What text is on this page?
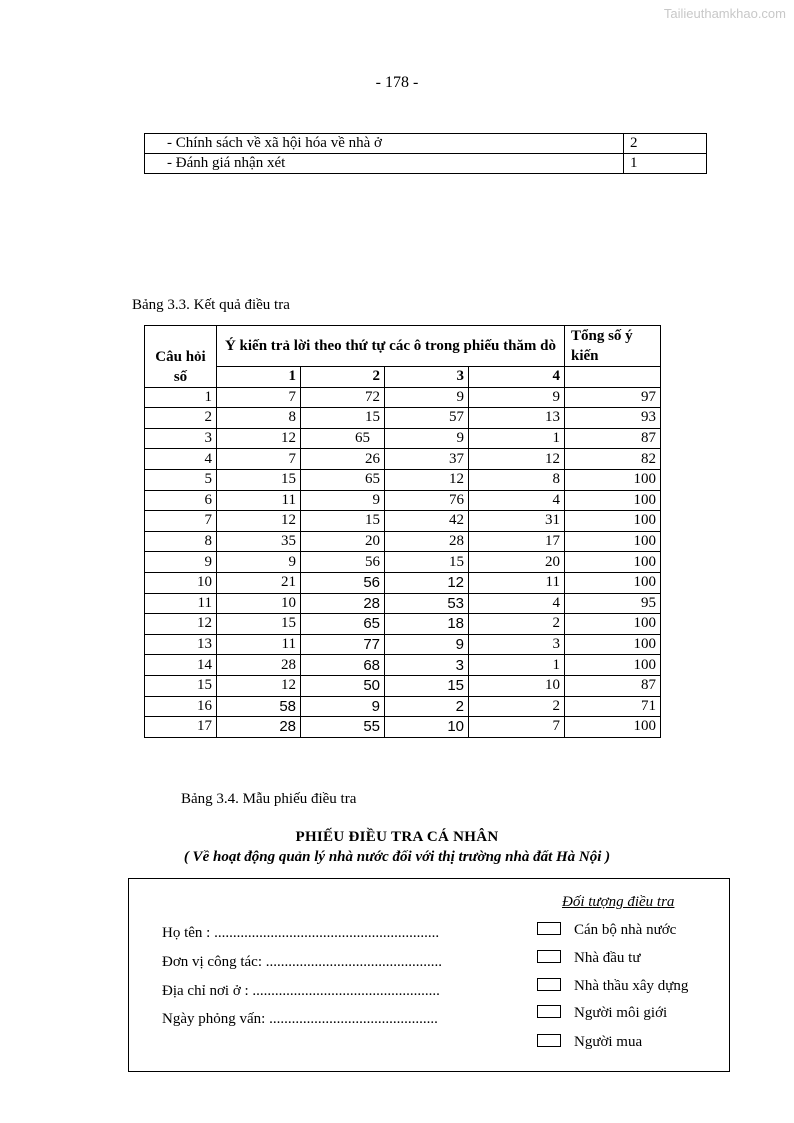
Tailieuthamkhao.com
- 178 -
- Chính sách về xã hội hóa về nhà ở	2
- Đánh giá nhận xét	1
Bảng 3.3. Kết quả điều tra
Câu hỏi số	Ý kiến trả lời theo thứ tự các ô trong phiếu thăm dò				Tổng số ý kiến
	1	2	3	4	
1	7	72	9	9	97
2	8	15	57	13	93
3	12	65	9	1	87
4	7	26	37	12	82
5	15	65	12	8	100
6	11	9	76	4	100
7	12	15	42	31	100
8	35	20	28	17	100
9	9	56	15	20	100
10	21	56	12	11	100
11	10	28	53	4	95
12	15	65	18	2	100
13	11	77	9	3	100
14	28	68	3	1	100
15	12	50	15	10	87
16	58	9	2	2	71
17	28	55	10	7	100
Bảng 3.4. Mẫu phiếu điều tra
PHIẾU ĐIỀU TRA CÁ NHÂN
( Về hoạt động quản lý nhà nước đối với thị trường nhà đất Hà Nội )
Họ tên : ............................................................
Đơn vị công tác: ...............................................
Địa chỉ nơi ở : ..................................................
Ngày phỏng vấn: .............................................
Đối tượng điều tra
Cán bộ nhà nước
Nhà đầu tư
Nhà thầu xây dựng
Người môi giới
Người mua
